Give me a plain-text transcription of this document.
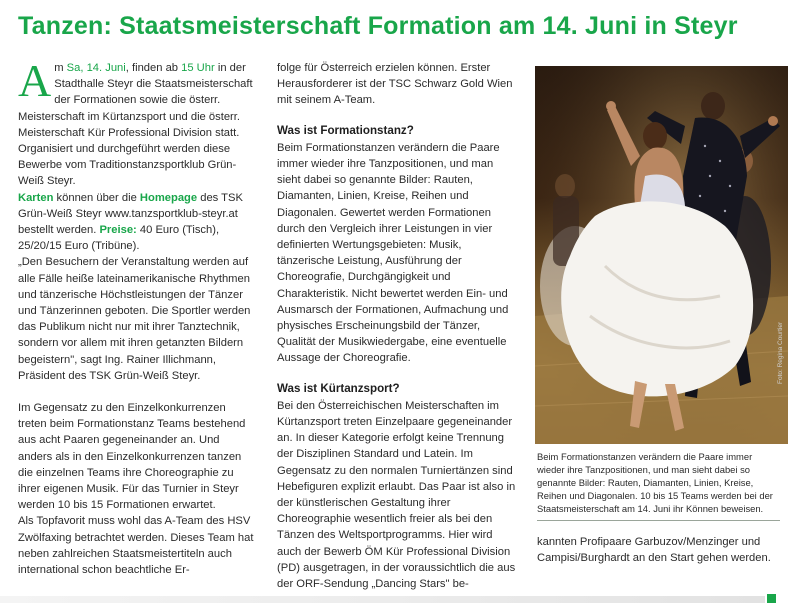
Tanzen: Staatsmeisterschaft Formation am 14. Juni in Steyr

Am Sa, 14. Juni, finden ab 15 Uhr in der Stadthalle Steyr die Staatsmeisterschaft der Formationen sowie die österr. Meisterschaft im Kürtanzsport und die österr. Meisterschaft Kür Professional Division statt. Organisiert und durchgeführt werden diese Bewerbe vom Traditionstanzsportklub Grün-Weiß Steyr.

Karten können über die Homepage des TSK Grün-Weiß Steyr www.tanzsportklub-steyr.at bestellt werden. Preise: 40 Euro (Tisch), 25/20/15 Euro (Tribüne).

„Den Besuchern der Veranstaltung werden auf alle Fälle heiße lateinamerikanische Rhythmen und tänzerische Höchstleistungen der Tänzer und Tänzerinnen geboten. Die Sportler werden das Publikum nicht nur mit ihrer Tanztechnik, sondern vor allem mit ihren getanzten Bildern begeistern", sagt Ing. Rainer Illichmann, Präsident des TSK Grün-Weiß Steyr.

Im Gegensatz zu den Einzelkonkurrenzen treten beim Formationstanz Teams bestehend aus acht Paaren gegeneinander an. Und anders als in den Einzelkonkurrenzen tanzen die einzelnen Teams ihre Choreographie zu ihrer eigenen Musik. Für das Turnier in Steyr werden 10 bis 15 Formationen erwartet.

Als Topfavorit muss wohl das A-Team des HSV Zwölfaxing betrachtet werden. Dieses Team hat neben zahlreichen Staatsmeistertiteln auch international schon beachtliche Er-

folge für Österreich erzielen können. Erster Herausforderer ist der TSC Schwarz Gold Wien mit seinem A-Team.

Was ist Formationstanz?

Beim Formationstanzen verändern die Paare immer wieder ihre Tanzpositionen, und man sieht dabei so genannte Bilder: Rauten, Diamanten, Linien, Kreise, Reihen und Diagonalen. Gewertet werden Formationen durch den Vergleich ihrer Leistungen in vier definierten Wertungsgebieten: Musik, tänzerische Leistung, Ausführung der Choreografie, Durchgängigkeit und Charakteristik. Nicht bewertet werden Ein- und Ausmarsch der Formationen, Aufmachung und physisches Erscheinungsbild der Tänzer, Qualität der Musikwiedergabe, eine eventuelle Aussage der Choreografie.

Was ist Kürtanzsport?

Bei den Österreichischen Meisterschaften im Kürtanzsport treten Einzelpaare gegeneinander an. In dieser Kategorie erfolgt keine Trennung der Disziplinen Standard und Latein. Im Gegensatz zu den normalen Turniertänzen sind Hebefiguren explizit erlaubt. Das Paar ist also in der künstlerischen Gestaltung ihrer Choreographie wesentlich freier als bei den Tänzen des Weltsportprogramms. Hier wird auch der Bewerb ÖM Kür Professional Division (PD) ausgetragen, in der voraussichtlich die aus der ORF-Sendung „Dancing Stars" be-

Foto: Regina Courtier
Beim Formationstanzen verändern die Paare immer wieder ihre Tanzpositionen, und man sieht dabei so genannte Bilder: Rauten, Diamanten, Linien, Kreise, Reihen und Diagonalen. 10 bis 15 Teams werden bei der Staatsmeisterschaft am 14. Juni ihr Können beweisen.
kannten Profipaare Garbuzov/Menzinger und Campisi/Burghardt an den Start gehen werden.
